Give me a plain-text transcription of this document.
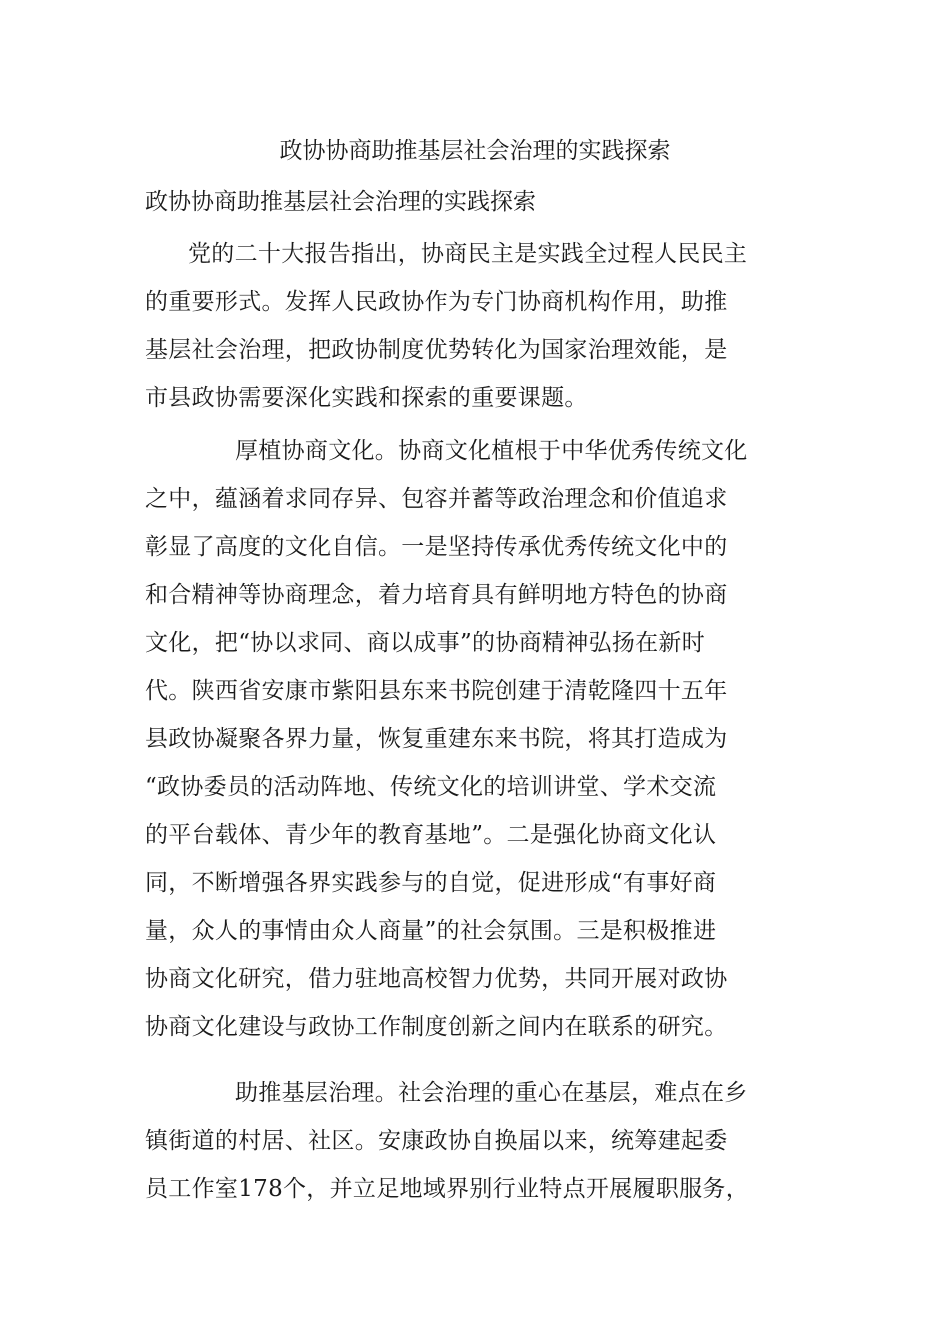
政协协商助推基层社会治理的实践探索
政协协商助推基层社会治理的实践探索
党的二十大报告指出，协商民主是实践全过程人民民主
的重要形式。发挥人民政协作为专门协商机构作用，助推
基层社会治理，把政协制度优势转化为国家治理效能，是
市县政协需要深化实践和探索的重要课题。
厚植协商文化。协商文化植根于中华优秀传统文化
之中，蕴涵着求同存异、包容并蓄等政治理念和价值追求
彰显了高度的文化自信。一是坚持传承优秀传统文化中的
和合精神等协商理念，着力培育具有鲜明地方特色的协商
文化，把“协以求同、商以成事”的协商精神弘扬在新时
代。陕西省安康市紫阳县东来书院创建于清乾隆四十五年
县政协凝聚各界力量，恢复重建东来书院，将其打造成为
“政协委员的活动阵地、传统文化的培训讲堂、学术交流
的平台载体、青少年的教育基地”。二是强化协商文化认
同，不断增强各界实践参与的自觉，促进形成“有事好商
量，众人的事情由众人商量”的社会氛围。三是积极推进
协商文化研究，借力驻地高校智力优势，共同开展对政协
协商文化建设与政协工作制度创新之间内在联系的研究。
助推基层治理。社会治理的重心在基层，难点在乡
镇街道的村居、社区。安康政协自换届以来，统筹建起委
员工作室178个，并立足地域界别行业特点开展履职服务，
